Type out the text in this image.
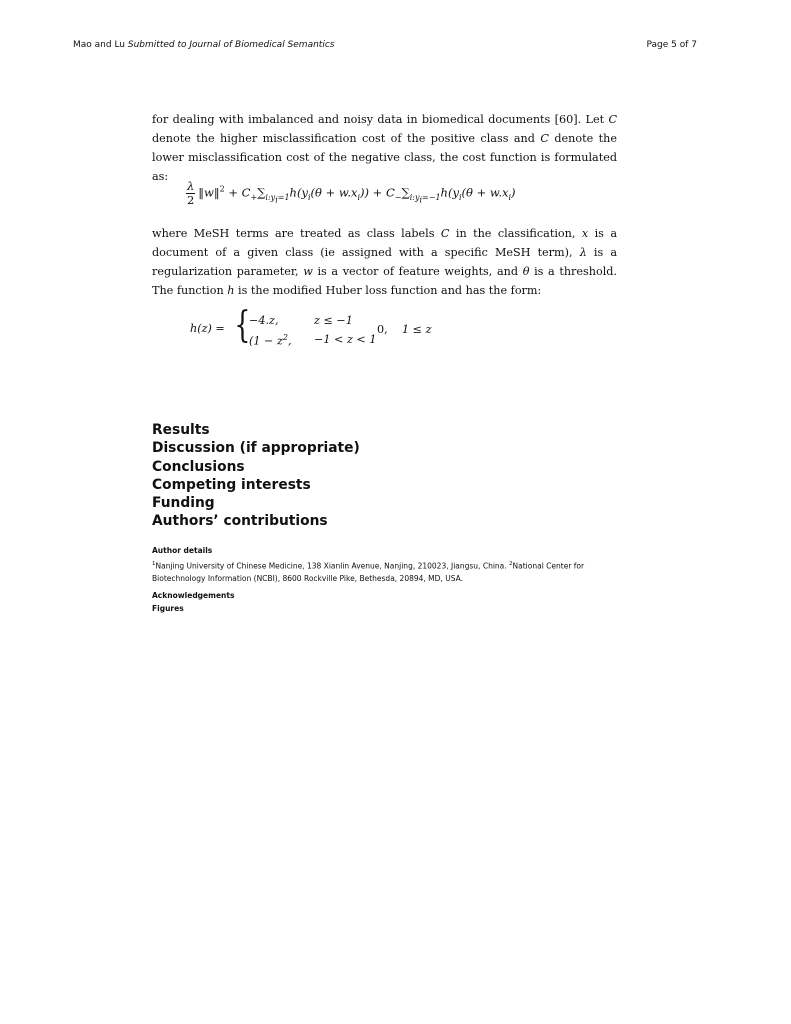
Mao and Lu Submitted to Journal of Biomedical Semantics	Page 5 of 7
for dealing with imbalanced and noisy data in biomedical documents [60]. Let C denote the higher misclassification cost of the positive class and C denote the lower misclassification cost of the negative class, the cost function is formulated as:
$\frac{\lambda}{2}$ ‖w‖$^2$ + $C_+\sum_{i:y_i=1}h(y_i(\theta + w.x_i)) + C_-\sum_{i:y_i=-1}h(y_i(\theta + w.x_i)$
where MeSH terms are treated as class labels C in the classification, x is a document of a given class (ie assigned with a specific MeSH term), λ is a regularization parameter, w is a vector of feature weights, and θ is a threshold. The function h is the modified Huber loss function and has the form:
h(z) = {
−4.z,	z ≤ −1
($1 - z^2$, −1 < z < 1
0, 1 ≤ z
Results
Discussion (if appropriate)
Conclusions
Competing interests
Funding
Authors’ contributions
Author details
$^1$Nanjing University of Chinese Medicine, 138 Xianlin Avenue, Nanjing, 210023, Jiangsu, China. $^2$National Center for Biotechnology Information (NCBI), 8600 Rockville Pike, Bethesda, 20894, MD, USA.
Acknowledgements
Figures
